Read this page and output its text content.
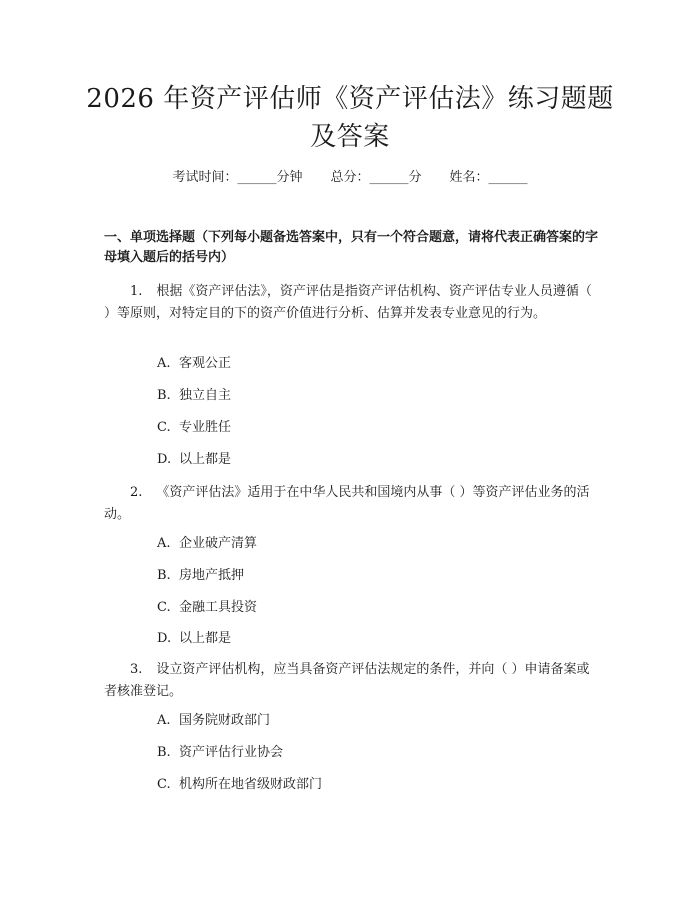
2026 年资产评估师《资产评估法》练习题题
及答案
考试时间：______分钟 总分：______分 姓名：______
一、单项选择题（下列每小题备选答案中，只有一个符合题意，请将代表正确答案的字母填入题后的括号内）
1. 根据《资产评估法》，资产评估是指资产评估机构、资产评估专业人员遵循（ ）等原则，对特定目的下的资产价值进行分析、估算并发表专业意见的行为。
A. 客观公正
B. 独立自主
C. 专业胜任
D. 以上都是
2. 《资产评估法》适用于在中华人民共和国境内从事（ ）等资产评估业务的活动。
A. 企业破产清算
B. 房地产抵押
C. 金融工具投资
D. 以上都是
3. 设立资产评估机构，应当具备资产评估法规定的条件，并向（ ）申请备案或者核准登记。
A. 国务院财政部门
B. 资产评估行业协会
C. 机构所在地省级财政部门
